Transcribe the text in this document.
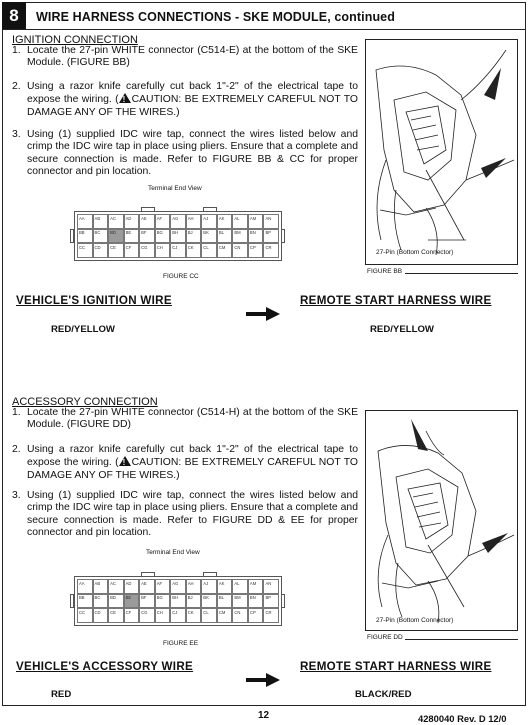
8	WIRE HARNESS CONNECTIONS - SKE MODULE, continued
IGNITION CONNECTION
1. Locate the 27-pin WHITE connector (C514-E) at the bottom of the SKE Module. (FIGURE BB)
2. Using a razor knife carefully cut back 1"-2" of the electrical tape to expose the wiring. ( ! CAUTION: BE EXTREMELY CAREFUL NOT TO DAMAGE ANY OF THE WIRES.)
3. Using (1) supplied IDC wire tap, connect the wires listed below and crimp the IDC wire tap in place using pliers. Ensure that a complete and secure connection is made. Refer to FIGURE BB & CC for proper connector and pin location.
Terminal End View
AA	AB	AC	AD	AE	AF	AG	AH	AJ	AK	AL	AM	AN
BB	BC	BD	BE	BF	BG	BH	BJ	BK	BL	BM	BN	BP
CC	CD	CE	CF	CG	CH	CJ	CK	CL	CM	CN	CP	CR
FIGURE CC
27-Pin (Bottom Connector)
FIGURE BB
VEHICLE'S IGNITION WIRE	REMOTE START HARNESS WIRE
RED/YELLOW	RED/YELLOW
ACCESSORY CONNECTION
1. Locate the 27-pin WHITE connector (C514-H) at the bottom of the SKE Module. (FIGURE DD)
2. Using a razor knife carefully cut back 1"-2" of the electrical tape to expose the wiring. ( ! CAUTION: BE EXTREMELY CAREFUL NOT TO DAMAGE ANY OF THE WIRES.)
3. Using (1) supplied IDC wire tap, connect the wires listed below and crimp the IDC wire tap in place using pliers. Ensure that a complete and secure connection is made. Refer to FIGURE DD & EE for proper connector and pin location.
Terminal End View
AA	AB	AC	AD	AE	AF	AG	AH	AJ	AK	AL	AM	AN
BB	BC	BD	BE	BF	BG	BH	BJ	BK	BL	BM	BN	BP
CC	CD	CE	CF	CG	CH	CJ	CK	CL	CM	CN	CP	CR
FIGURE EE
27-Pin (Bottom Connector)
FIGURE DD
VEHICLE'S ACCESSORY WIRE	REMOTE START HARNESS WIRE
RED	BLACK/RED
12	4280040 Rev. D 12/0
